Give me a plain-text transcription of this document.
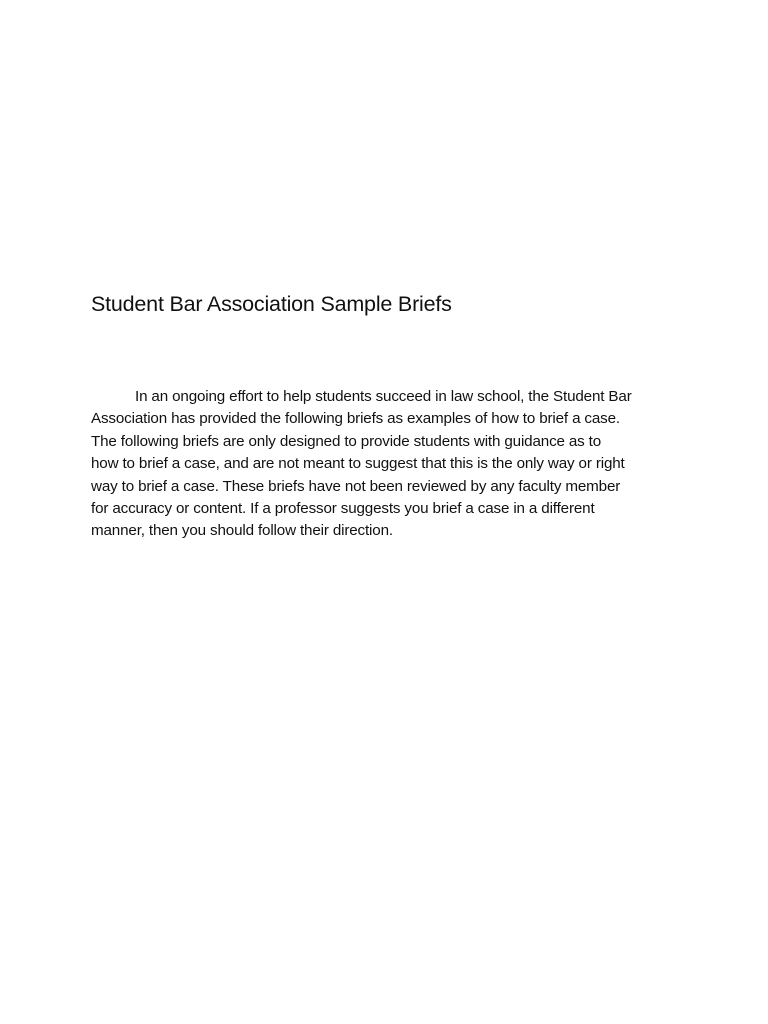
Student Bar Association Sample Briefs

In an ongoing effort to help students succeed in law school, the Student Bar
Association has provided the following briefs as examples of how to brief a case.
The following briefs are only designed to provide students with guidance as to
how to brief a case, and are not meant to suggest that this is the only way or right
way to brief a case. These briefs have not been reviewed by any faculty member
for accuracy or content. If a professor suggests you brief a case in a different
manner, then you should follow their direction.
